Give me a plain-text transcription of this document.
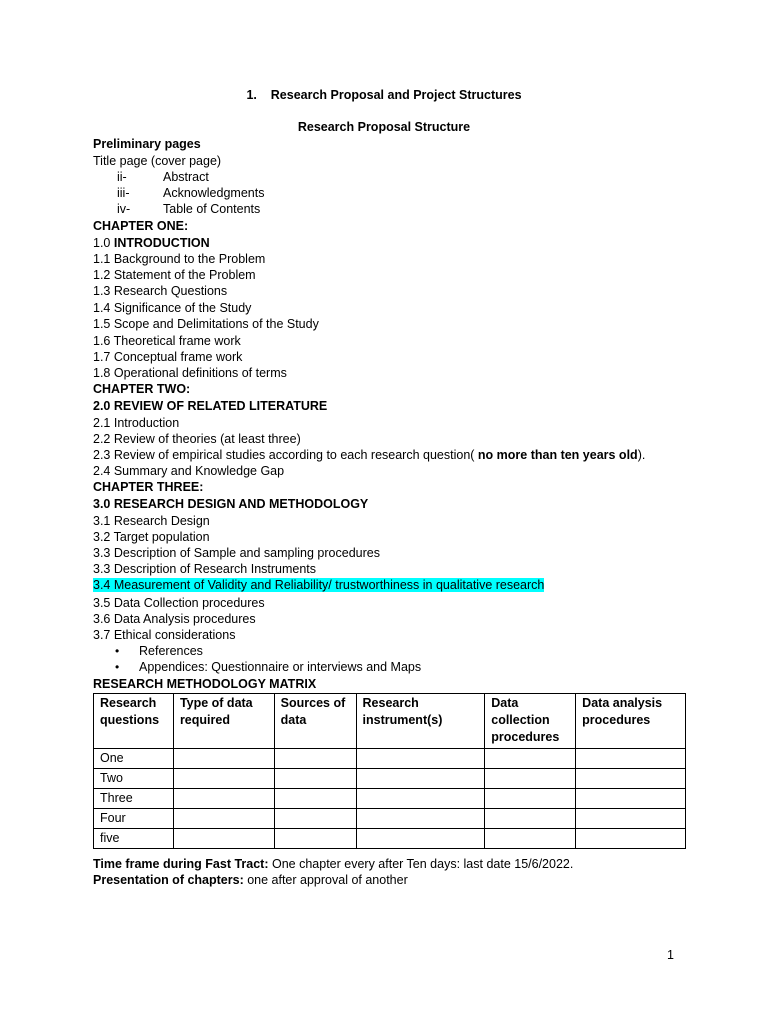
1. Research Proposal and Project Structures
Research Proposal Structure
Preliminary pages
Title page (cover page)
ii-	Abstract
iii-	Acknowledgments
iv-	Table of Contents
CHAPTER ONE:
1.0 INTRODUCTION
1.1 Background to the Problem
1.2 Statement of the Problem
1.3 Research Questions
1.4 Significance of the Study
1.5 Scope and Delimitations of the Study
1.6 Theoretical frame work
1.7 Conceptual frame work
1.8 Operational definitions of terms
CHAPTER TWO:
2.0 REVIEW OF RELATED LITERATURE
2.1 Introduction
2.2 Review of theories (at least three)
2.3 Review of empirical studies according to each research question( no more than ten years old).
2.4 Summary and Knowledge Gap
CHAPTER THREE:
3.0 RESEARCH DESIGN AND METHODOLOGY
3.1 Research Design
3.2 Target population
3.3 Description of Sample and sampling procedures
3.3 Description of Research Instruments
3.4 Measurement of Validity and Reliability/ trustworthiness in qualitative research
3.5 Data Collection procedures
3.6 Data Analysis procedures
3.7 Ethical considerations
• References
• Appendices: Questionnaire or interviews and Maps
RESEARCH METHODOLOGY MATRIX
Research questions	Type of data required	Sources of data	Research instrument(s)	Data collection procedures	Data analysis procedures
One					
Two					
Three					
Four					
five					
Time frame during Fast Tract: One chapter every after Ten days: last date 15/6/2022.
Presentation of chapters: one after approval of another
1
